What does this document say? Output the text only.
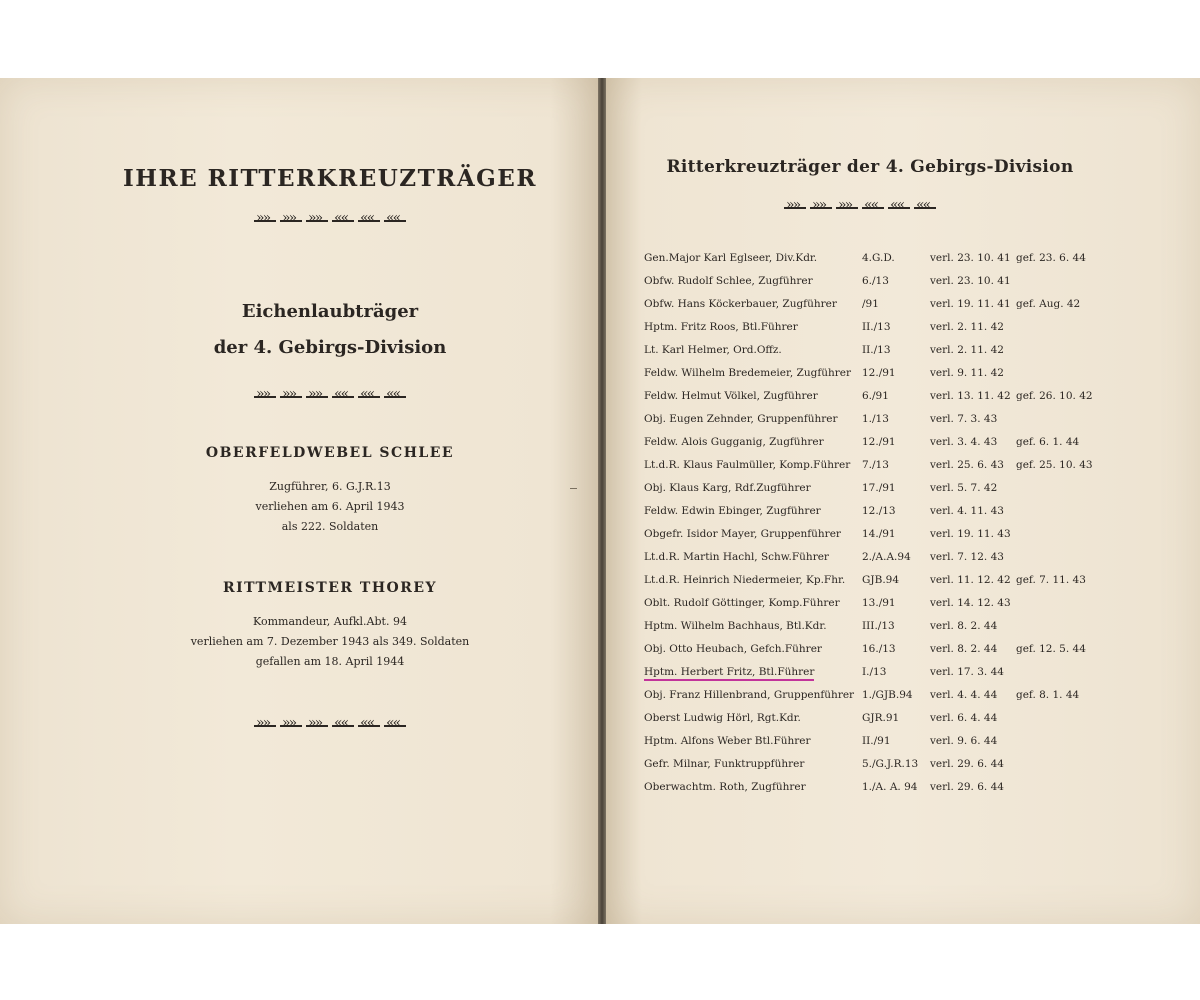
IHRE RITTERKREUZTRÄGER
»»
»»
»»
««
««
««
Eichenlaubträger
der 4. Gebirgs-Division
»»
»»
»»
««
««
««
OBERFELDWEBEL SCHLEE
Zugführer, 6. G.J.R.13
verliehen am 6. April 1943
als 222. Soldaten
RITTMEISTER THOREY
Kommandeur, Aufkl.Abt. 94
verliehen am 7. Dezember 1943 als 349. Soldaten
gefallen am 18. April 1944
»»
»»
»»
««
««
««
Ritterkreuzträger der 4. Gebirgs-Division
»»
»»
»»
««
««
««
Gen.Major Karl Eglseer, Div.Kdr.	4.G.D.	verl. 23. 10. 41	gef. 23. 6. 44
Obfw. Rudolf Schlee, Zugführer	6./13	verl. 23. 10. 41	
Obfw. Hans Köckerbauer, Zugführer	/91	verl. 19. 11. 41	gef. Aug. 42
Hptm. Fritz Roos, Btl.Führer	II./13	verl. 2. 11. 42	
Lt. Karl Helmer, Ord.Offz.	II./13	verl. 2. 11. 42	
Feldw. Wilhelm Bredemeier, Zugführer	12./91	verl. 9. 11. 42	
Feldw. Helmut Völkel, Zugführer	6./91	verl. 13. 11. 42	gef. 26. 10. 42
Obj. Eugen Zehnder, Gruppenführer	1./13	verl. 7. 3. 43	
Feldw. Alois Gugganig, Zugführer	12./91	verl. 3. 4. 43	gef. 6. 1. 44
Lt.d.R. Klaus Faulmüller, Komp.Führer	7./13	verl. 25. 6. 43	gef. 25. 10. 43
Obj. Klaus Karg, Rdf.Zugführer	17./91	verl. 5. 7. 42	
Feldw. Edwin Ebinger, Zugführer	12./13	verl. 4. 11. 43	
Obgefr. Isidor Mayer, Gruppenführer	14./91	verl. 19. 11. 43	
Lt.d.R. Martin Hachl, Schw.Führer	2./A.A.94	verl. 7. 12. 43	
Lt.d.R. Heinrich Niedermeier, Kp.Fhr.	GJB.94	verl. 11. 12. 42	gef. 7. 11. 43
Oblt. Rudolf Göttinger, Komp.Führer	13./91	verl. 14. 12. 43	
Hptm. Wilhelm Bachhaus, Btl.Kdr.	III./13	verl. 8. 2. 44	
Obj. Otto Heubach, Gefch.Führer	16./13	verl. 8. 2. 44	gef. 12. 5. 44
Hptm. Herbert Fritz, Btl.Führer	I./13	verl. 17. 3. 44	
Obj. Franz Hillenbrand, Gruppenführer	1./GJB.94	verl. 4. 4. 44	gef. 8. 1. 44
Oberst Ludwig Hörl, Rgt.Kdr.	GJR.91	verl. 6. 4. 44	
Hptm. Alfons Weber Btl.Führer	II./91	verl. 9. 6. 44	
Gefr. Milnar, Funktruppführer	5./G.J.R.13	verl. 29. 6. 44	
Oberwachtm. Roth, Zugführer	1./A. A. 94	verl. 29. 6. 44	
